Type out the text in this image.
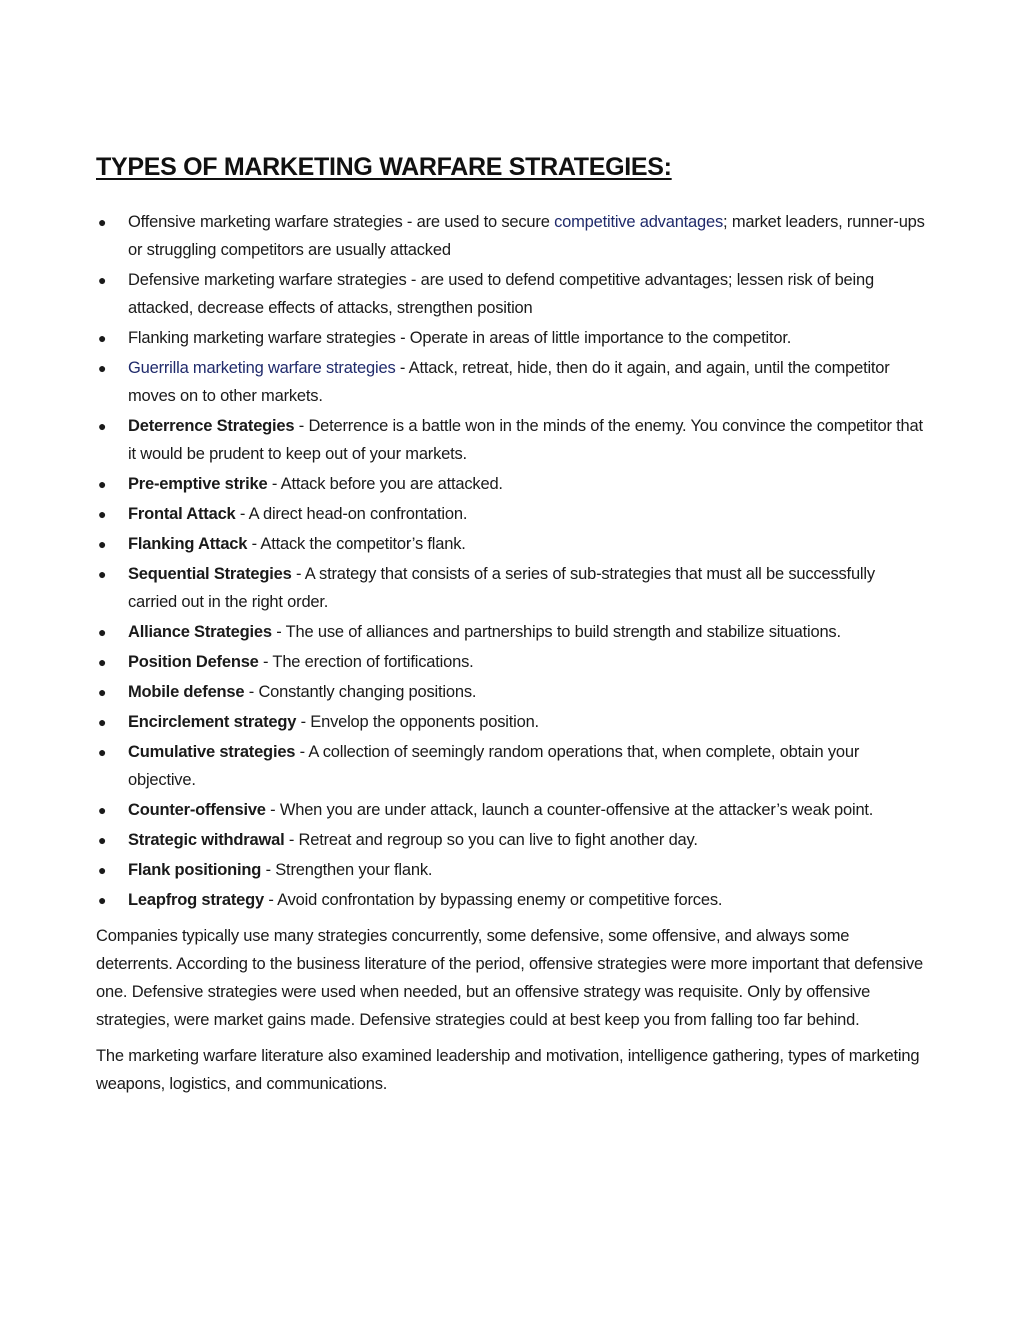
TYPES OF MARKETING WARFARE STRATEGIES:
● Offensive marketing warfare strategies - are used to secure competitive advantages; market leaders, runner-ups or struggling competitors are usually attacked
● Defensive marketing warfare strategies - are used to defend competitive advantages; lessen risk of being attacked, decrease effects of attacks, strengthen position
● Flanking marketing warfare strategies - Operate in areas of little importance to the competitor.
● Guerrilla marketing warfare strategies - Attack, retreat, hide, then do it again, and again, until the competitor moves on to other markets.
● Deterrence Strategies - Deterrence is a battle won in the minds of the enemy. You convince the competitor that it would be prudent to keep out of your markets.
● Pre-emptive strike - Attack before you are attacked.
● Frontal Attack - A direct head-on confrontation.
● Flanking Attack - Attack the competitor’s flank.
● Sequential Strategies - A strategy that consists of a series of sub-strategies that must all be successfully carried out in the right order.
● Alliance Strategies - The use of alliances and partnerships to build strength and stabilize situations.
● Position Defense - The erection of fortifications.
● Mobile defense - Constantly changing positions.
● Encirclement strategy - Envelop the opponents position.
● Cumulative strategies - A collection of seemingly random operations that, when complete, obtain your objective.
● Counter-offensive - When you are under attack, launch a counter-offensive at the attacker’s weak point.
● Strategic withdrawal - Retreat and regroup so you can live to fight another day.
● Flank positioning - Strengthen your flank.
● Leapfrog strategy - Avoid confrontation by bypassing enemy or competitive forces.

Companies typically use many strategies concurrently, some defensive, some offensive, and always some deterrents. According to the business literature of the period, offensive strategies were more important that defensive one. Defensive strategies were used when needed, but an offensive strategy was requisite. Only by offensive strategies, were market gains made. Defensive strategies could at best keep you from falling too far behind.

The marketing warfare literature also examined leadership and motivation, intelligence gathering, types of marketing weapons, logistics, and communications.
